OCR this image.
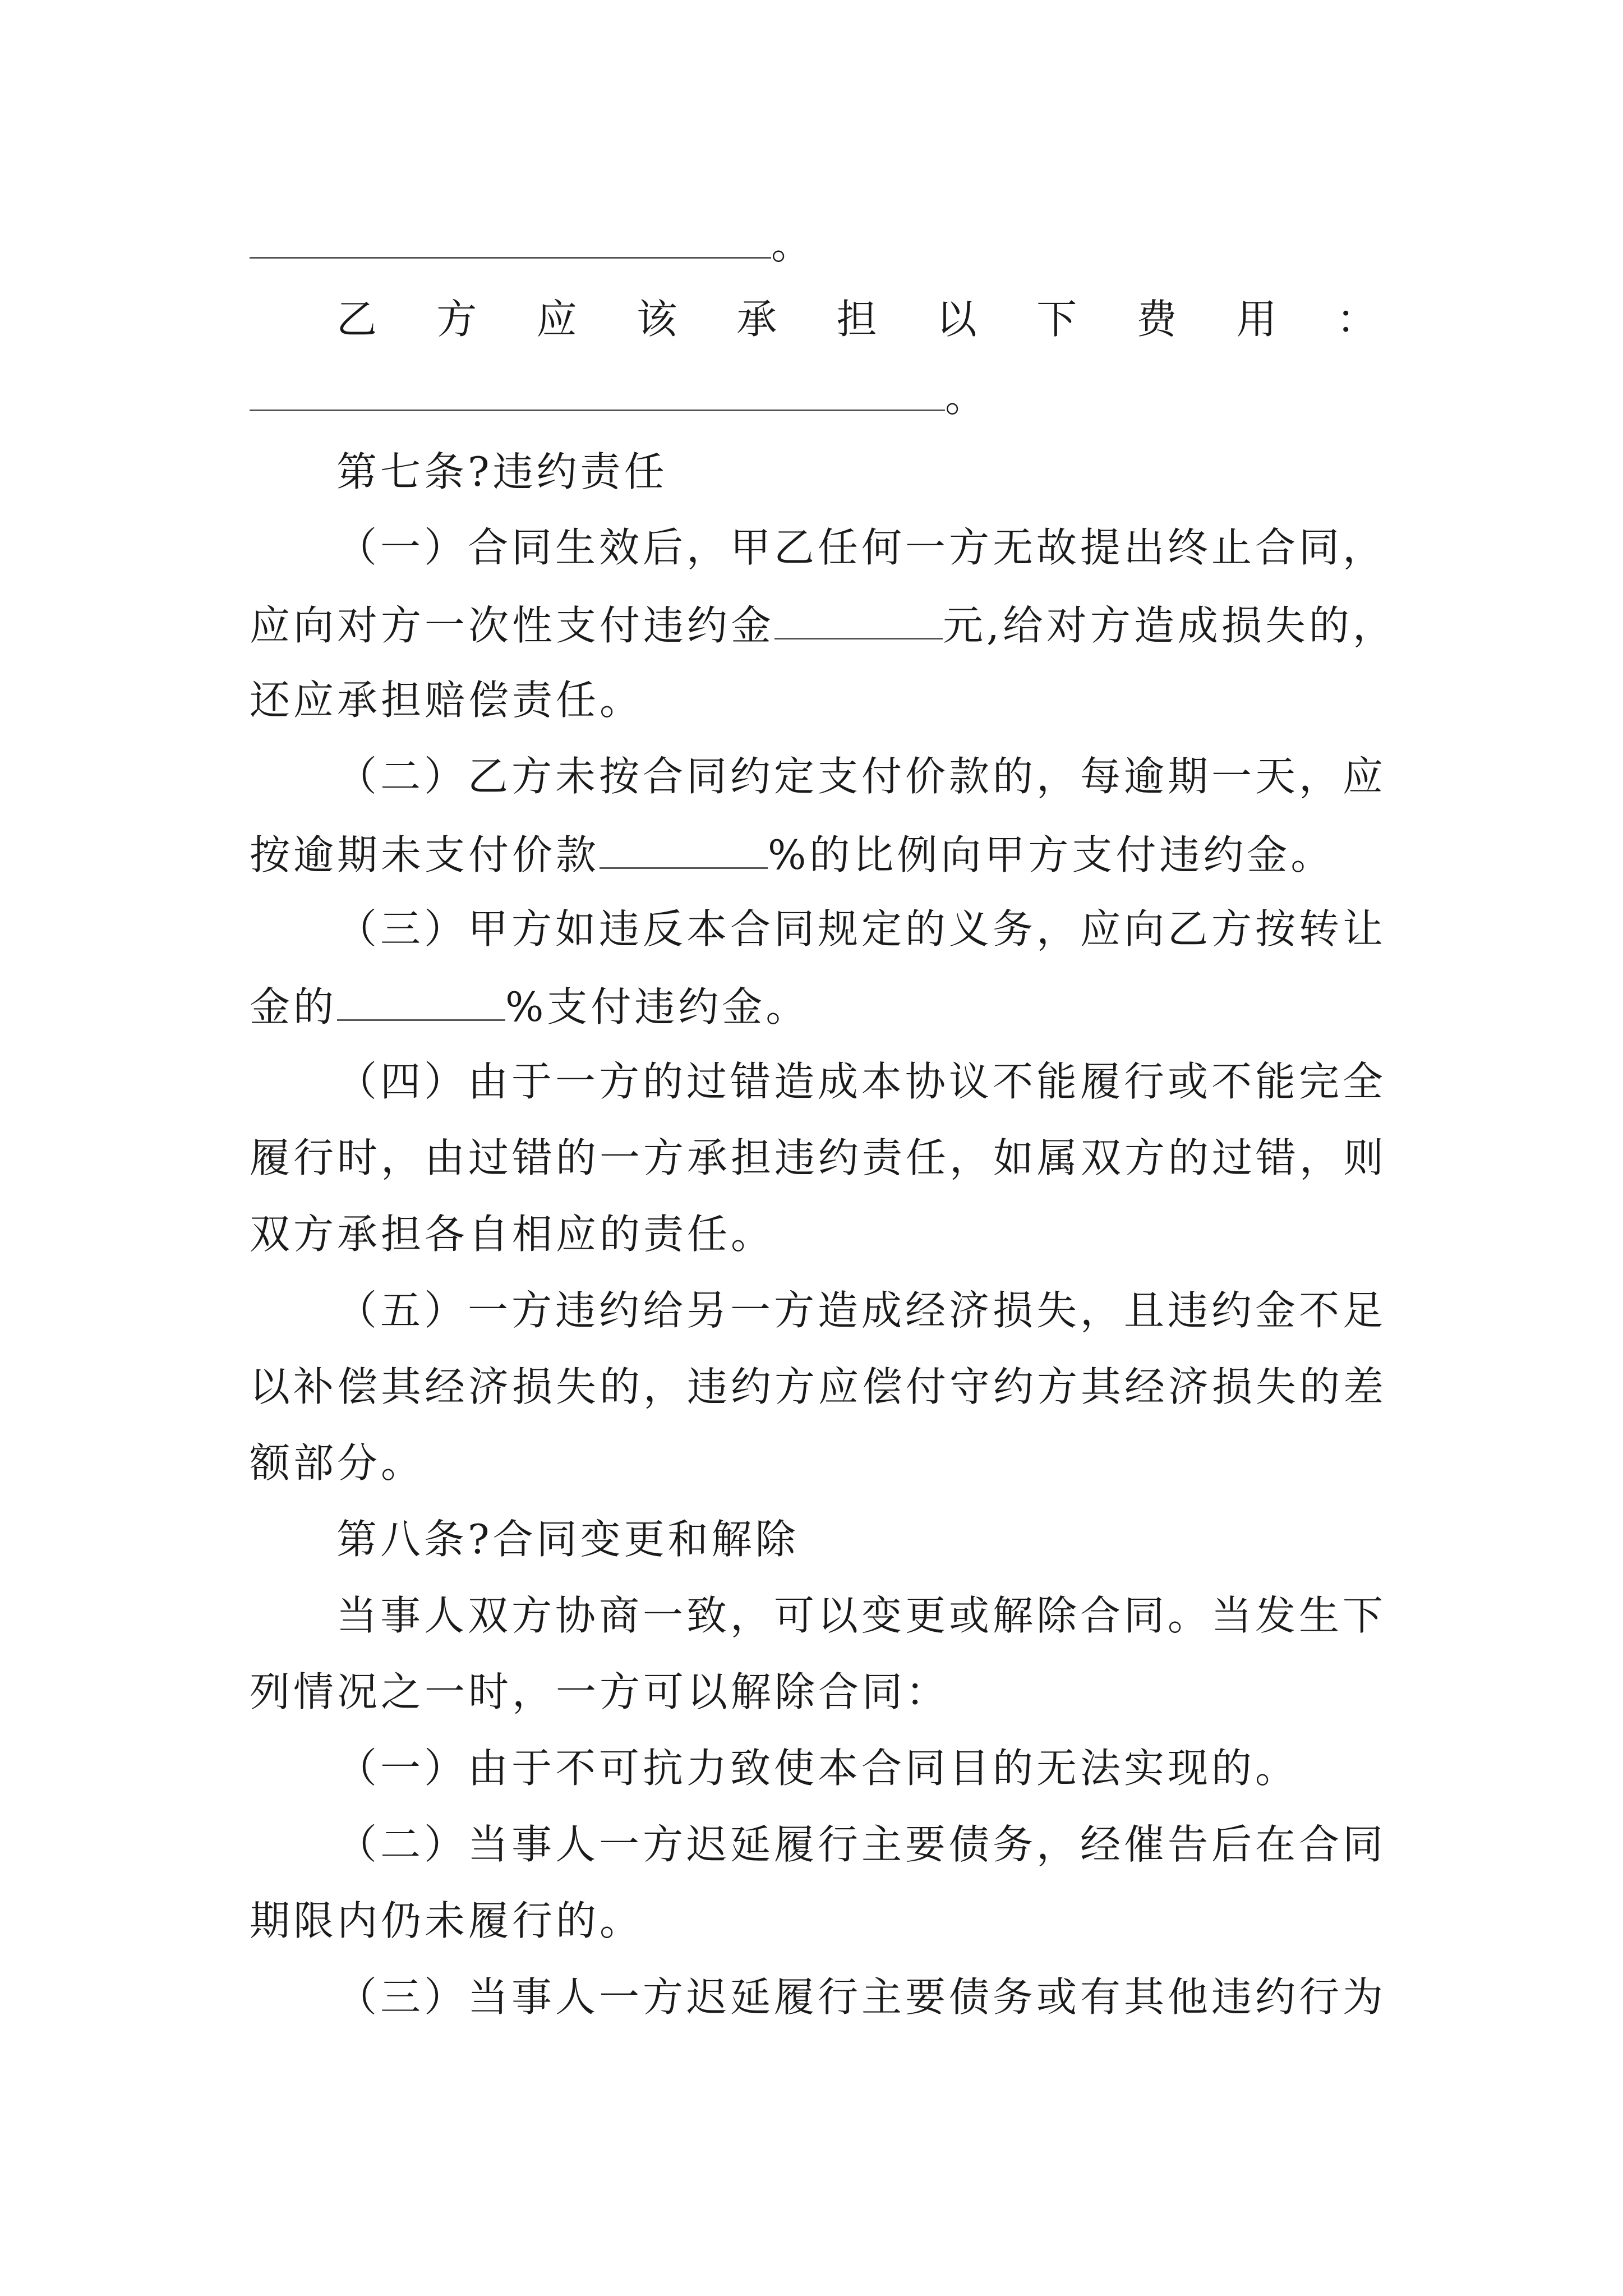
。
乙 方 应 该 承 担 以 下 费 用 ：
。
第七条?违约责任
（一）合同生效后，甲乙任何一方无故提出终止合同，
应向对方一次性支付违约金	元,给对方造成损失的，
还应承担赔偿责任。
（二）乙方未按合同约定支付价款的，每逾期一天，应
按逾期未支付价款	%的比例向甲方支付违约金。
（三）甲方如违反本合同规定的义务，应向乙方按转让
金的	%支付违约金。
（四）由于一方的过错造成本协议不能履行或不能完全
履行时，由过错的一方承担违约责任，如属双方的过错，则
双方承担各自相应的责任。
（五）一方违约给另一方造成经济损失，且违约金不足
以补偿其经济损失的，违约方应偿付守约方其经济损失的差
额部分。
第八条?合同变更和解除
当事人双方协商一致，可以变更或解除合同。当发生下
列情况之一时，一方可以解除合同：
（一）由于不可抗力致使本合同目的无法实现的。
（二）当事人一方迟延履行主要债务，经催告后在合同
期限内仍未履行的。
（三）当事人一方迟延履行主要债务或有其他违约行为
